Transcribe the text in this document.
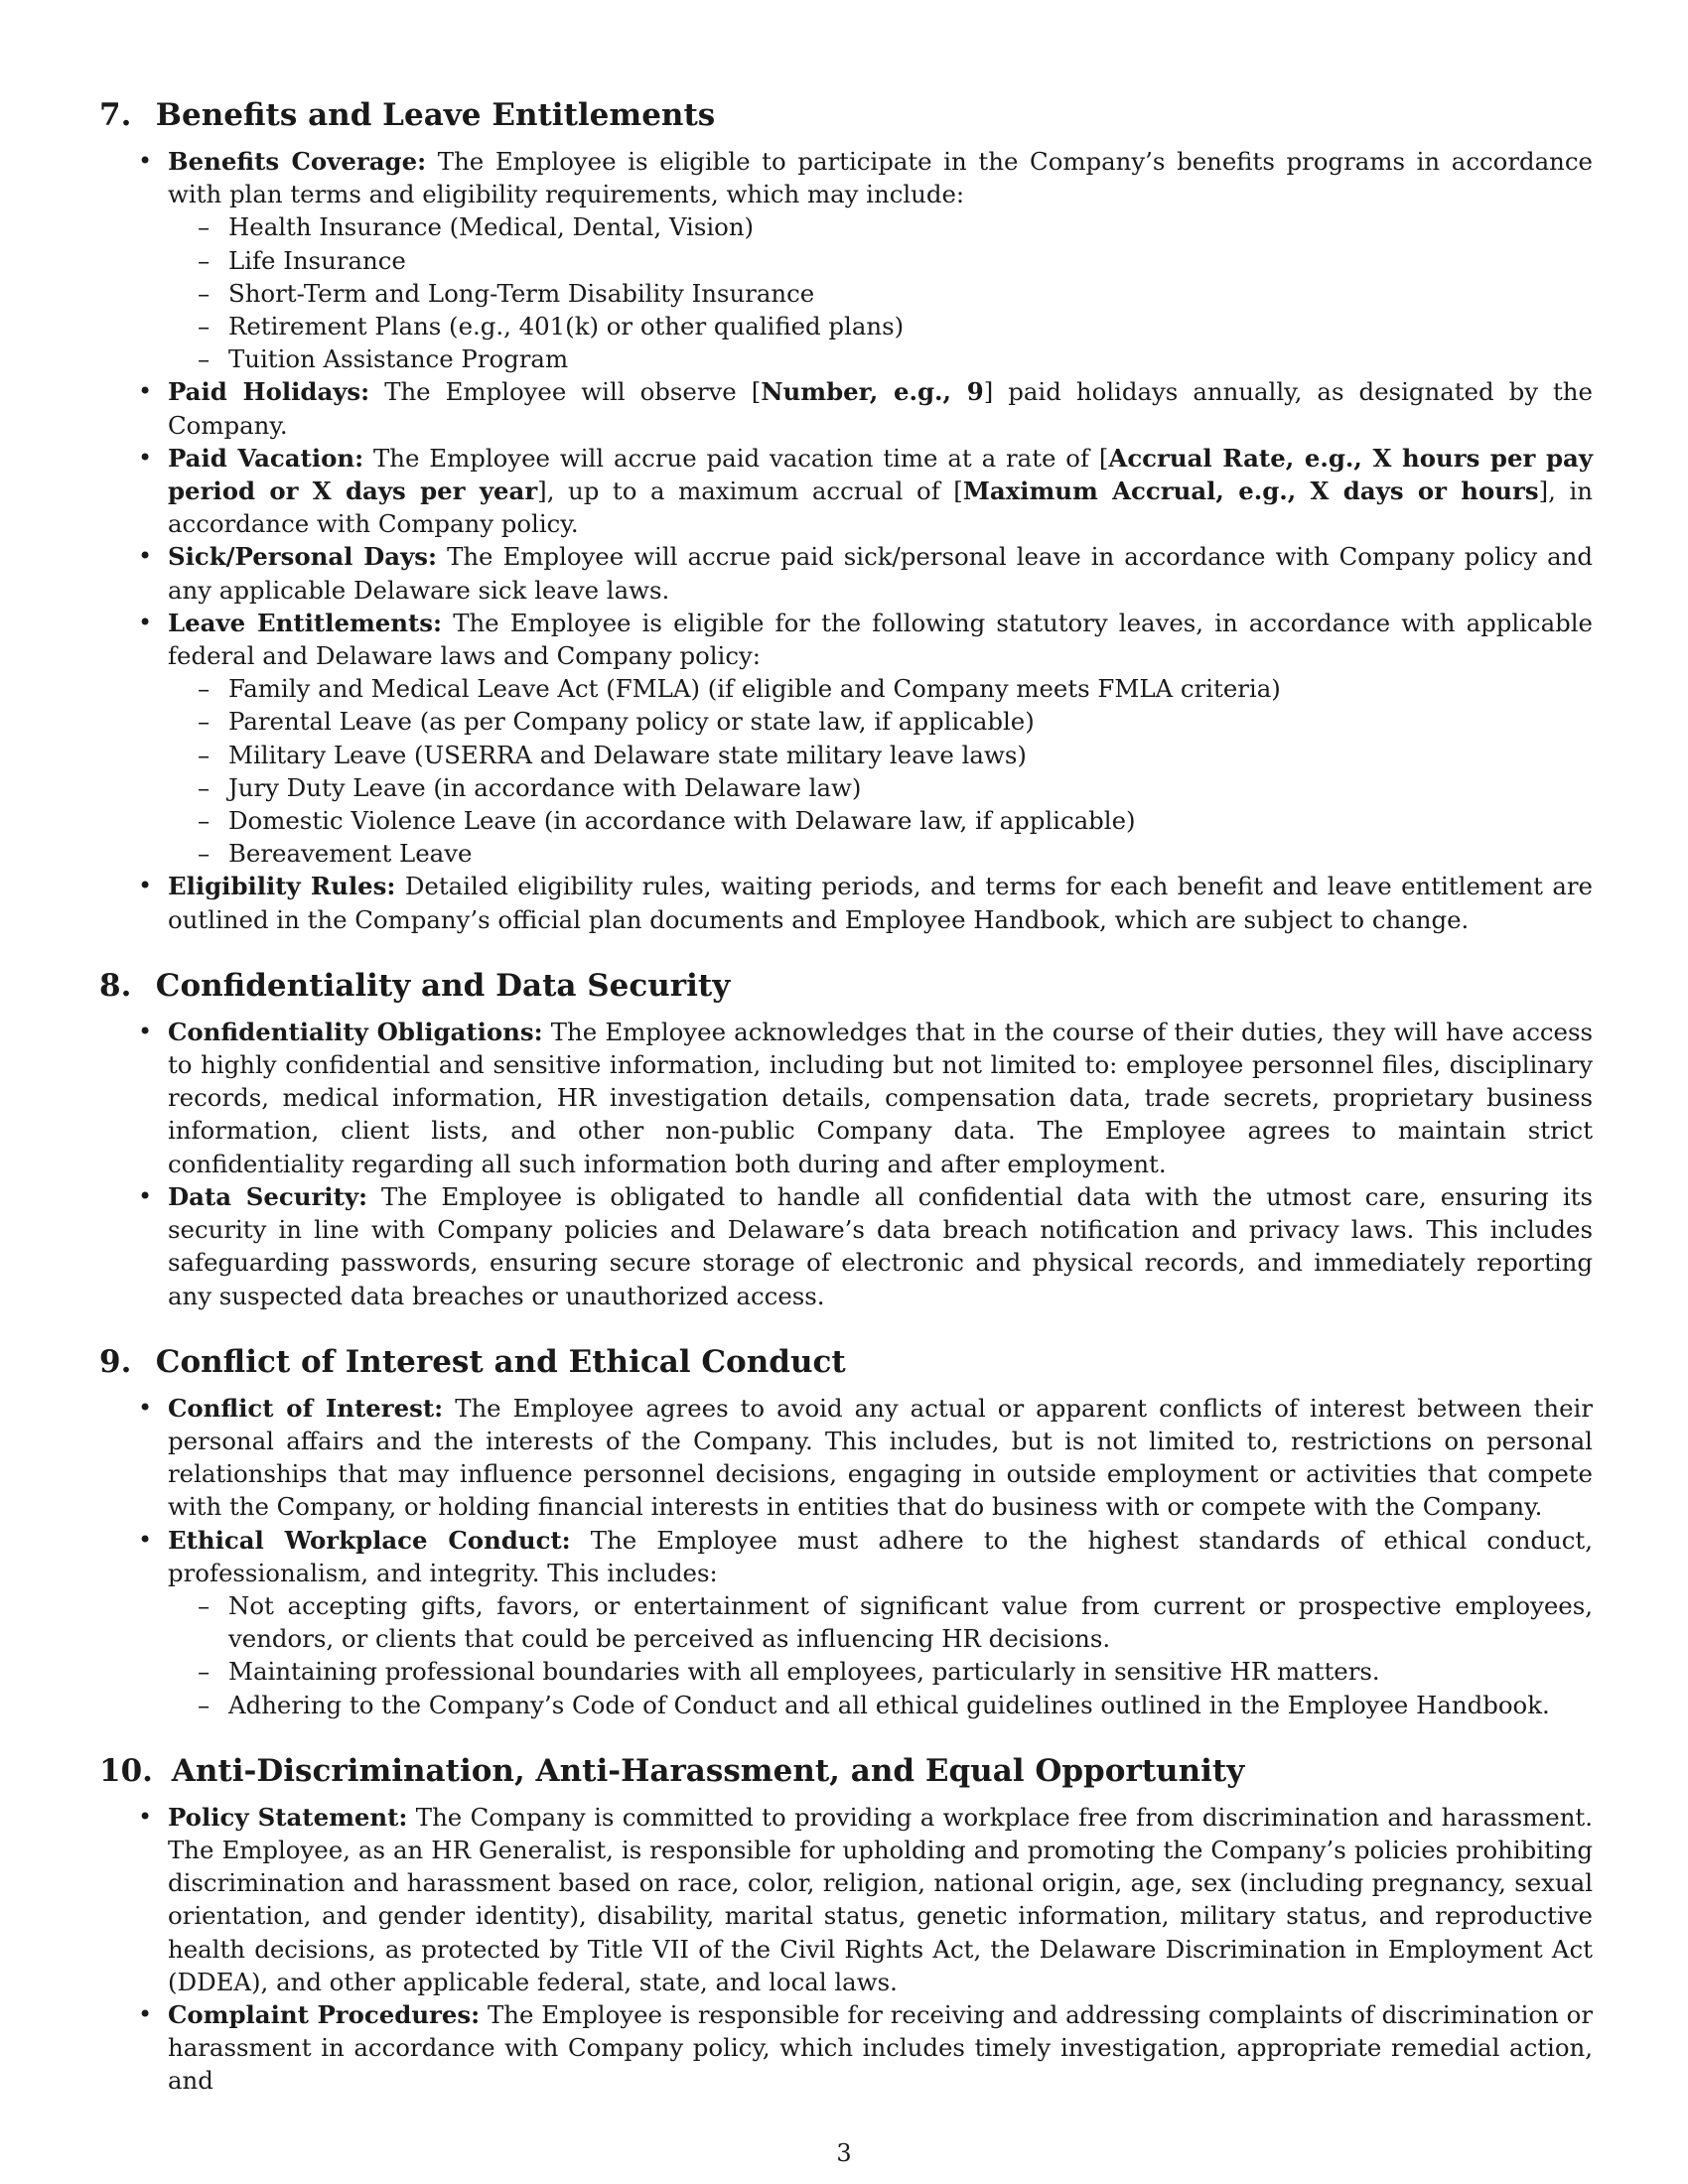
7. Benefits and Leave Entitlements
• Benefits Coverage: The Employee is eligible to participate in the Company’s benefits programs in accordance with plan terms and eligibility requirements, which may include:
– Health Insurance (Medical, Dental, Vision)
– Life Insurance
– Short-Term and Long-Term Disability Insurance
– Retirement Plans (e.g., 401(k) or other qualified plans)
– Tuition Assistance Program
• Paid Holidays: The Employee will observe [Number, e.g., 9] paid holidays annually, as designated by the Company.
• Paid Vacation: The Employee will accrue paid vacation time at a rate of [Accrual Rate, e.g., X hours per pay period or X days per year], up to a maximum accrual of [Maximum Accrual, e.g., X days or hours], in accordance with Company policy.
• Sick/Personal Days: The Employee will accrue paid sick/personal leave in accordance with Company policy and any applicable Delaware sick leave laws.
• Leave Entitlements: The Employee is eligible for the following statutory leaves, in accordance with applicable federal and Delaware laws and Company policy:
– Family and Medical Leave Act (FMLA) (if eligible and Company meets FMLA criteria)
– Parental Leave (as per Company policy or state law, if applicable)
– Military Leave (USERRA and Delaware state military leave laws)
– Jury Duty Leave (in accordance with Delaware law)
– Domestic Violence Leave (in accordance with Delaware law, if applicable)
– Bereavement Leave
• Eligibility Rules: Detailed eligibility rules, waiting periods, and terms for each benefit and leave entitlement are outlined in the Company’s official plan documents and Employee Handbook, which are subject to change.
8. Confidentiality and Data Security
• Confidentiality Obligations: The Employee acknowledges that in the course of their duties, they will have access to highly confidential and sensitive information, including but not limited to: employee personnel files, disciplinary records, medical information, HR investigation details, compensation data, trade secrets, proprietary business information, client lists, and other non-public Company data. The Employee agrees to maintain strict confidentiality regarding all such information both during and after employment.
• Data Security: The Employee is obligated to handle all confidential data with the utmost care, ensuring its security in line with Company policies and Delaware’s data breach notification and privacy laws. This includes safeguarding passwords, ensuring secure storage of electronic and physical records, and immediately reporting any suspected data breaches or unauthorized access.
9. Conflict of Interest and Ethical Conduct
• Conflict of Interest: The Employee agrees to avoid any actual or apparent conflicts of interest between their personal affairs and the interests of the Company. This includes, but is not limited to, restrictions on personal relationships that may influence personnel decisions, engaging in outside employment or activities that compete with the Company, or holding financial interests in entities that do business with or compete with the Company.
• Ethical Workplace Conduct: The Employee must adhere to the highest standards of ethical conduct, professionalism, and integrity. This includes:
– Not accepting gifts, favors, or entertainment of significant value from current or prospective employees, vendors, or clients that could be perceived as influencing HR decisions.
– Maintaining professional boundaries with all employees, particularly in sensitive HR matters.
– Adhering to the Company’s Code of Conduct and all ethical guidelines outlined in the Employee Handbook.
10. Anti-Discrimination, Anti-Harassment, and Equal Opportunity
• Policy Statement: The Company is committed to providing a workplace free from discrimination and harassment. The Employee, as an HR Generalist, is responsible for upholding and promoting the Company’s policies prohibiting discrimination and harassment based on race, color, religion, national origin, age, sex (including pregnancy, sexual orientation, and gender identity), disability, marital status, genetic information, military status, and reproductive health decisions, as protected by Title VII of the Civil Rights Act, the Delaware Discrimination in Employment Act (DDEA), and other applicable federal, state, and local laws.
• Complaint Procedures: The Employee is responsible for receiving and addressing complaints of discrimination or harassment in accordance with Company policy, which includes timely investigation, appropriate remedial action, and
3
